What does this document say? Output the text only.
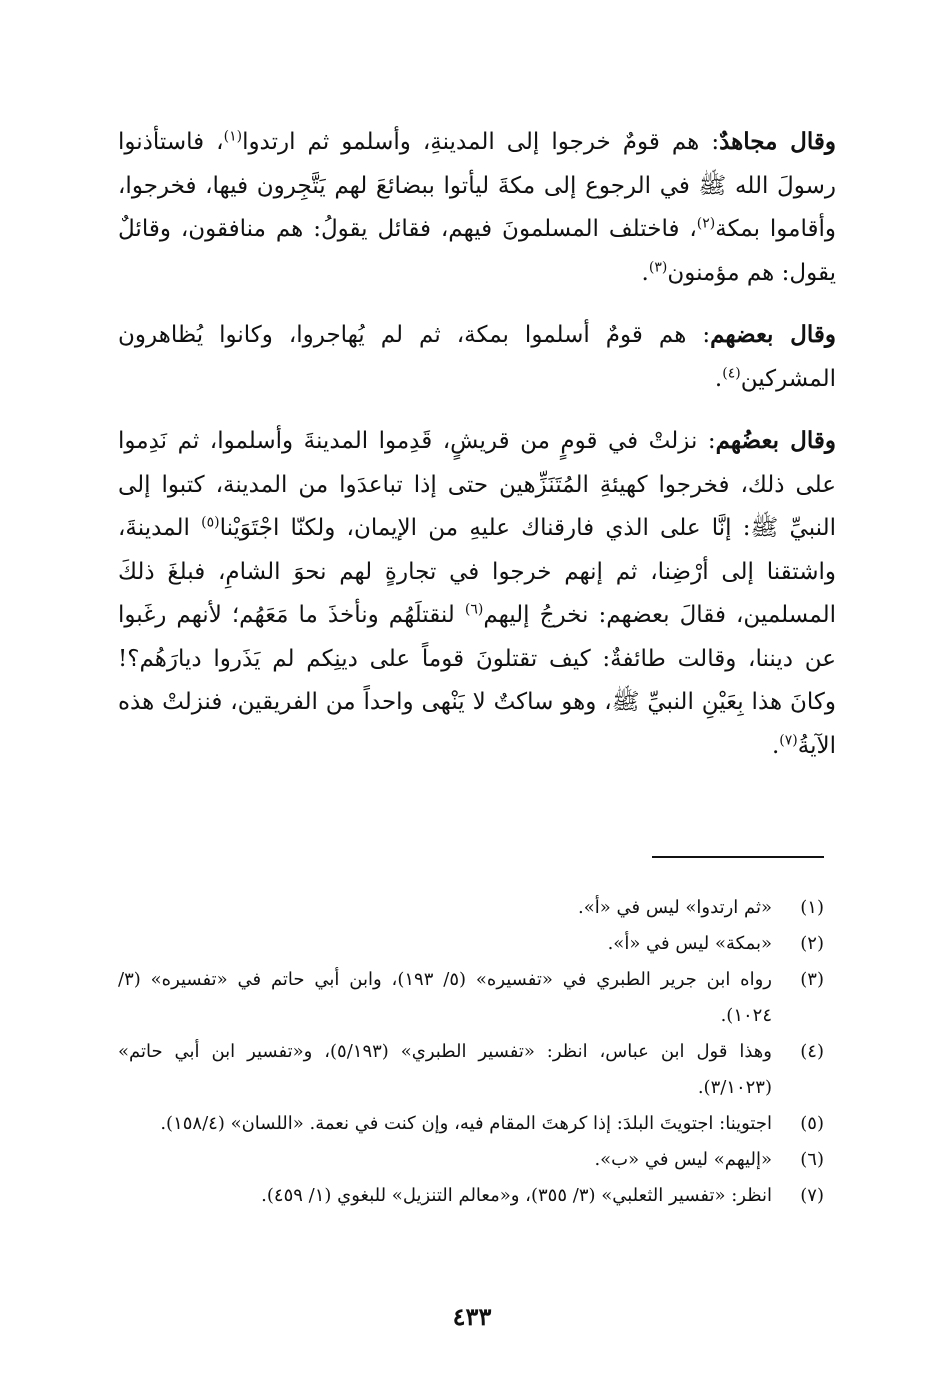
وقال مجاهدٌ: هم قومٌ خرجوا إلى المدينةِ، وأسلمو ثم ارتدوا$^{(١)}$، فاستأذنوا رسولَ الله ﷺ في الرجوع إلى مكةَ ليأتوا ببضائعَ لهم يَتَّجِرون فيها، فخرجوا، وأقاموا بمكة$^{(٢)}$، فاختلف المسلمونَ فيهم، فقائل يقولُ: هم منافقون، وقائلٌ يقول: هم مؤمنون$^{(٣)}$.

وقال بعضهم: هم قومٌ أسلموا بمكة، ثم لم يُهاجروا، وكانوا يُظاهرون المشركين$^{(٤)}$.

وقال بعضُهم: نزلتْ في قومٍ من قريشٍ، قَدِموا المدينةَ وأسلموا، ثم نَدِموا على ذلك، فخرجوا كهيئةِ المُتَنَزِّهين حتى إذا تباعدَوا من المدينة، كتبوا إلى النبيِّ ﷺ: إنَّا على الذي فارقناك عليهِ من الإيمان، ولكنّا اجْتَوَيْنا$^{(٥)}$ المدينةَ، واشتقنا إلى أرْضِنا، ثم إنهم خرجوا في تجارةٍ لهم نحوَ الشامِ، فبلغَ ذلكَ المسلمين، فقالَ بعضهم: نخرجُ إليهم$^{(٦)}$ لنقتلَهُم ونأخذَ ما مَعَهُم؛ لأنهم رغَبوا عن ديننا، وقالت طائفةٌ: كيف تقتلونَ قوماً على دينِكم لم يَذَروا ديارَهُم؟! وكانَ هذا بِعَيْنِ النبيِّ ﷺ، وهو ساكتٌ لا يَنْهى واحداً من الفريقين، فنزلتْ هذه الآيةُ$^{(٧)}$.

(١)
«ثم ارتدوا» ليس في «أ».
(٢)
«بمكة» ليس في «أ».
(٣)
رواه ابن جرير الطبري في «تفسيره» (٥/ ١٩٣)، وابن أبي حاتم في «تفسيره» (٣/ ١٠٢٤).
(٤)
وهذا قول ابن عباس، انظر: «تفسير الطبري» (٥/١٩٣)، و«تفسير ابن أبي حاتم» (٣/١٠٢٣).
(٥)
اجتوينا: اجتويتَ البلدَ: إذا كرهتَ المقام فيه، وإن كنت في نعمة. «اللسان» (١٥٨/٤).
(٦)
«إليهم» ليس في «ب».
(٧)
انظر: «تفسير الثعلبي» (٣/ ٣٥٥)، و«معالم التنزيل» للبغوي (١/ ٤٥٩).
٤٣٣
